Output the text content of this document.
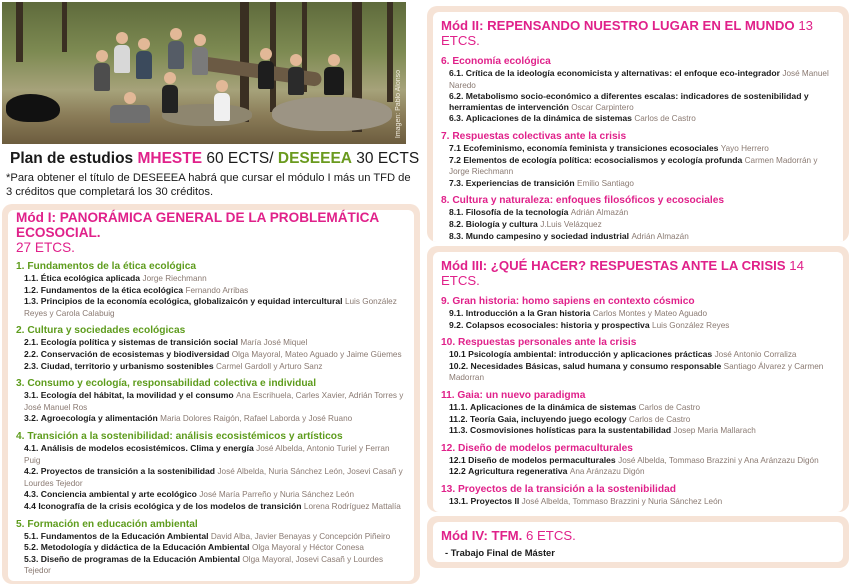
Imagen: Pablo Alonso
Plan de estudios MHESTE 60 ECTS/ DESEEEA 30 ECTS
*Para obtener el título de DESEEEA habrá que cursar el módulo I más un TFD de 3 créditos que completará los 30 créditos.
Mód I: PANORÁMICA GENERAL DE LA PROBLEMÁTICA ECOSOCIAL.
27 ETCS.
1. Fundamentos de la ética ecológica
1.1. Ética ecológica aplicada Jorge Riechmann
1.2. Fundamentos de la ética ecológica Fernando Arribas
1.3. Principios de la economía ecológica, globalizaicón y equidad intercultural Luis González Reyes y Carola Calabuig
2. Cultura y sociedades ecológicas
2.1. Ecología política y sistemas de transición social María José Miquel
2.2. Conservación de ecosistemas y biodiversidad Olga Mayoral, Mateo Aguado y Jaime Güemes
2.3. Ciudad, territorio y urbanismo sostenibles Carmel Gardoll y Arturo Sanz
3. Consumo y ecología, responsabilidad colectiva e individual
3.1. Ecología del hábitat, la movilidad y el consumo Ana Escrihuela, Carles Xavier, Adrián Torres y José Manuel Ros
3.2. Agroecología y alimentación Maria Dolores Raigón, Rafael Laborda y José Ruano
4. Transición a la sostenibilidad: análisis ecosistémicos y artísticos
4.1. Análisis de modelos ecosistémicos. Clima y energía José Albelda, Antonio Turiel y Ferran Puig
4.2. Proyectos de transición a la sostenibilidad José Albelda, Nuria Sánchez León, Josevi Casañ y Lourdes Tejedor
4.3. Conciencia ambiental y arte ecológico José María Parreño y Nuria Sánchez León
4.4 Iconografía de la crisis ecológica y de los modelos de transición Lorena Rodríguez Mattalía
5. Formación en educación ambiental
5.1. Fundamentos de la Educación Ambiental David Alba, Javier Benayas y Concepción Piñeiro
5.2. Metodología y didáctica de la Educación Ambiental Olga Mayoral y Héctor Conesa
5.3. Diseño de programas de la Educación Ambiental Olga Mayoral, Josevi Casañ y Lourdes Tejedor
Mód II: REPENSANDO NUESTRO LUGAR EN EL MUNDO 13 ETCS.
6. Economía ecológica
6.1. Crítica de la ideología economicista y alternativas: el enfoque eco-integrador José Manuel Naredo
6.2. Metabolismo socio-económico a diferentes escalas: indicadores de sostenibilidad y herramientas de intervención Oscar Carpintero
6.3. Aplicaciones de la dinámica de sistemas Carlos de Castro
7. Respuestas colectivas ante la crisis
7.1 Ecofeminismo, economía feminista y transiciones ecosociales Yayo Herrero
7.2 Elementos de ecología política: ecosocialismos y ecología profunda Carmen Madorrán y Jorge Riechmann
7.3. Experiencias de transición Emilio Santiago
8. Cultura y naturaleza: enfoques filosóficos y ecosociales
8.1. Filosofía de la tecnología Adrián Almazán
8.2. Biología y cultura J.Luis Velázquez
8.3. Mundo campesino y sociedad industrial Adrián Almazán
Mód III: ¿QUÉ HACER? RESPUESTAS ANTE LA CRISIS 14 ETCS.
9. Gran historia: homo sapiens en contexto cósmico
9.1. Introducción a la Gran historia Carlos Montes y Mateo Aguado
9.2. Colapsos ecosociales: historia y prospectiva Luis González Reyes
10. Respuestas personales ante la crisis
10.1 Psicología ambiental: introducción y aplicaciones prácticas José Antonio Corraliza
10.2. Necesidades Básicas, salud humana y consumo responsable Santiago Álvarez y Carmen Madorran
11. Gaia: un nuevo paradigma
11.1. Aplicaciones de la dinámica de sistemas Carlos de Castro
11.2. Teoría Gaia, incluyendo juego ecology Carlos de Castro
11.3. Cosmovisiones holísticas para la sustentabilidad Josep Maria Mallarach
12. Diseño de modelos permaculturales
12.1 Diseño de modelos permaculturales José Albelda, Tommaso Brazzini y Ana Aránzazu Digón
12.2 Agricultura regenerativa Ana Aránzazu Digón
13. Proyectos de la transición a la sostenibilidad
13.1. Proyectos II José Albelda, Tommaso Brazzini y Nuria Sánchez León
Mód IV: TFM. 6 ETCS.
- Trabajo Final de Máster
